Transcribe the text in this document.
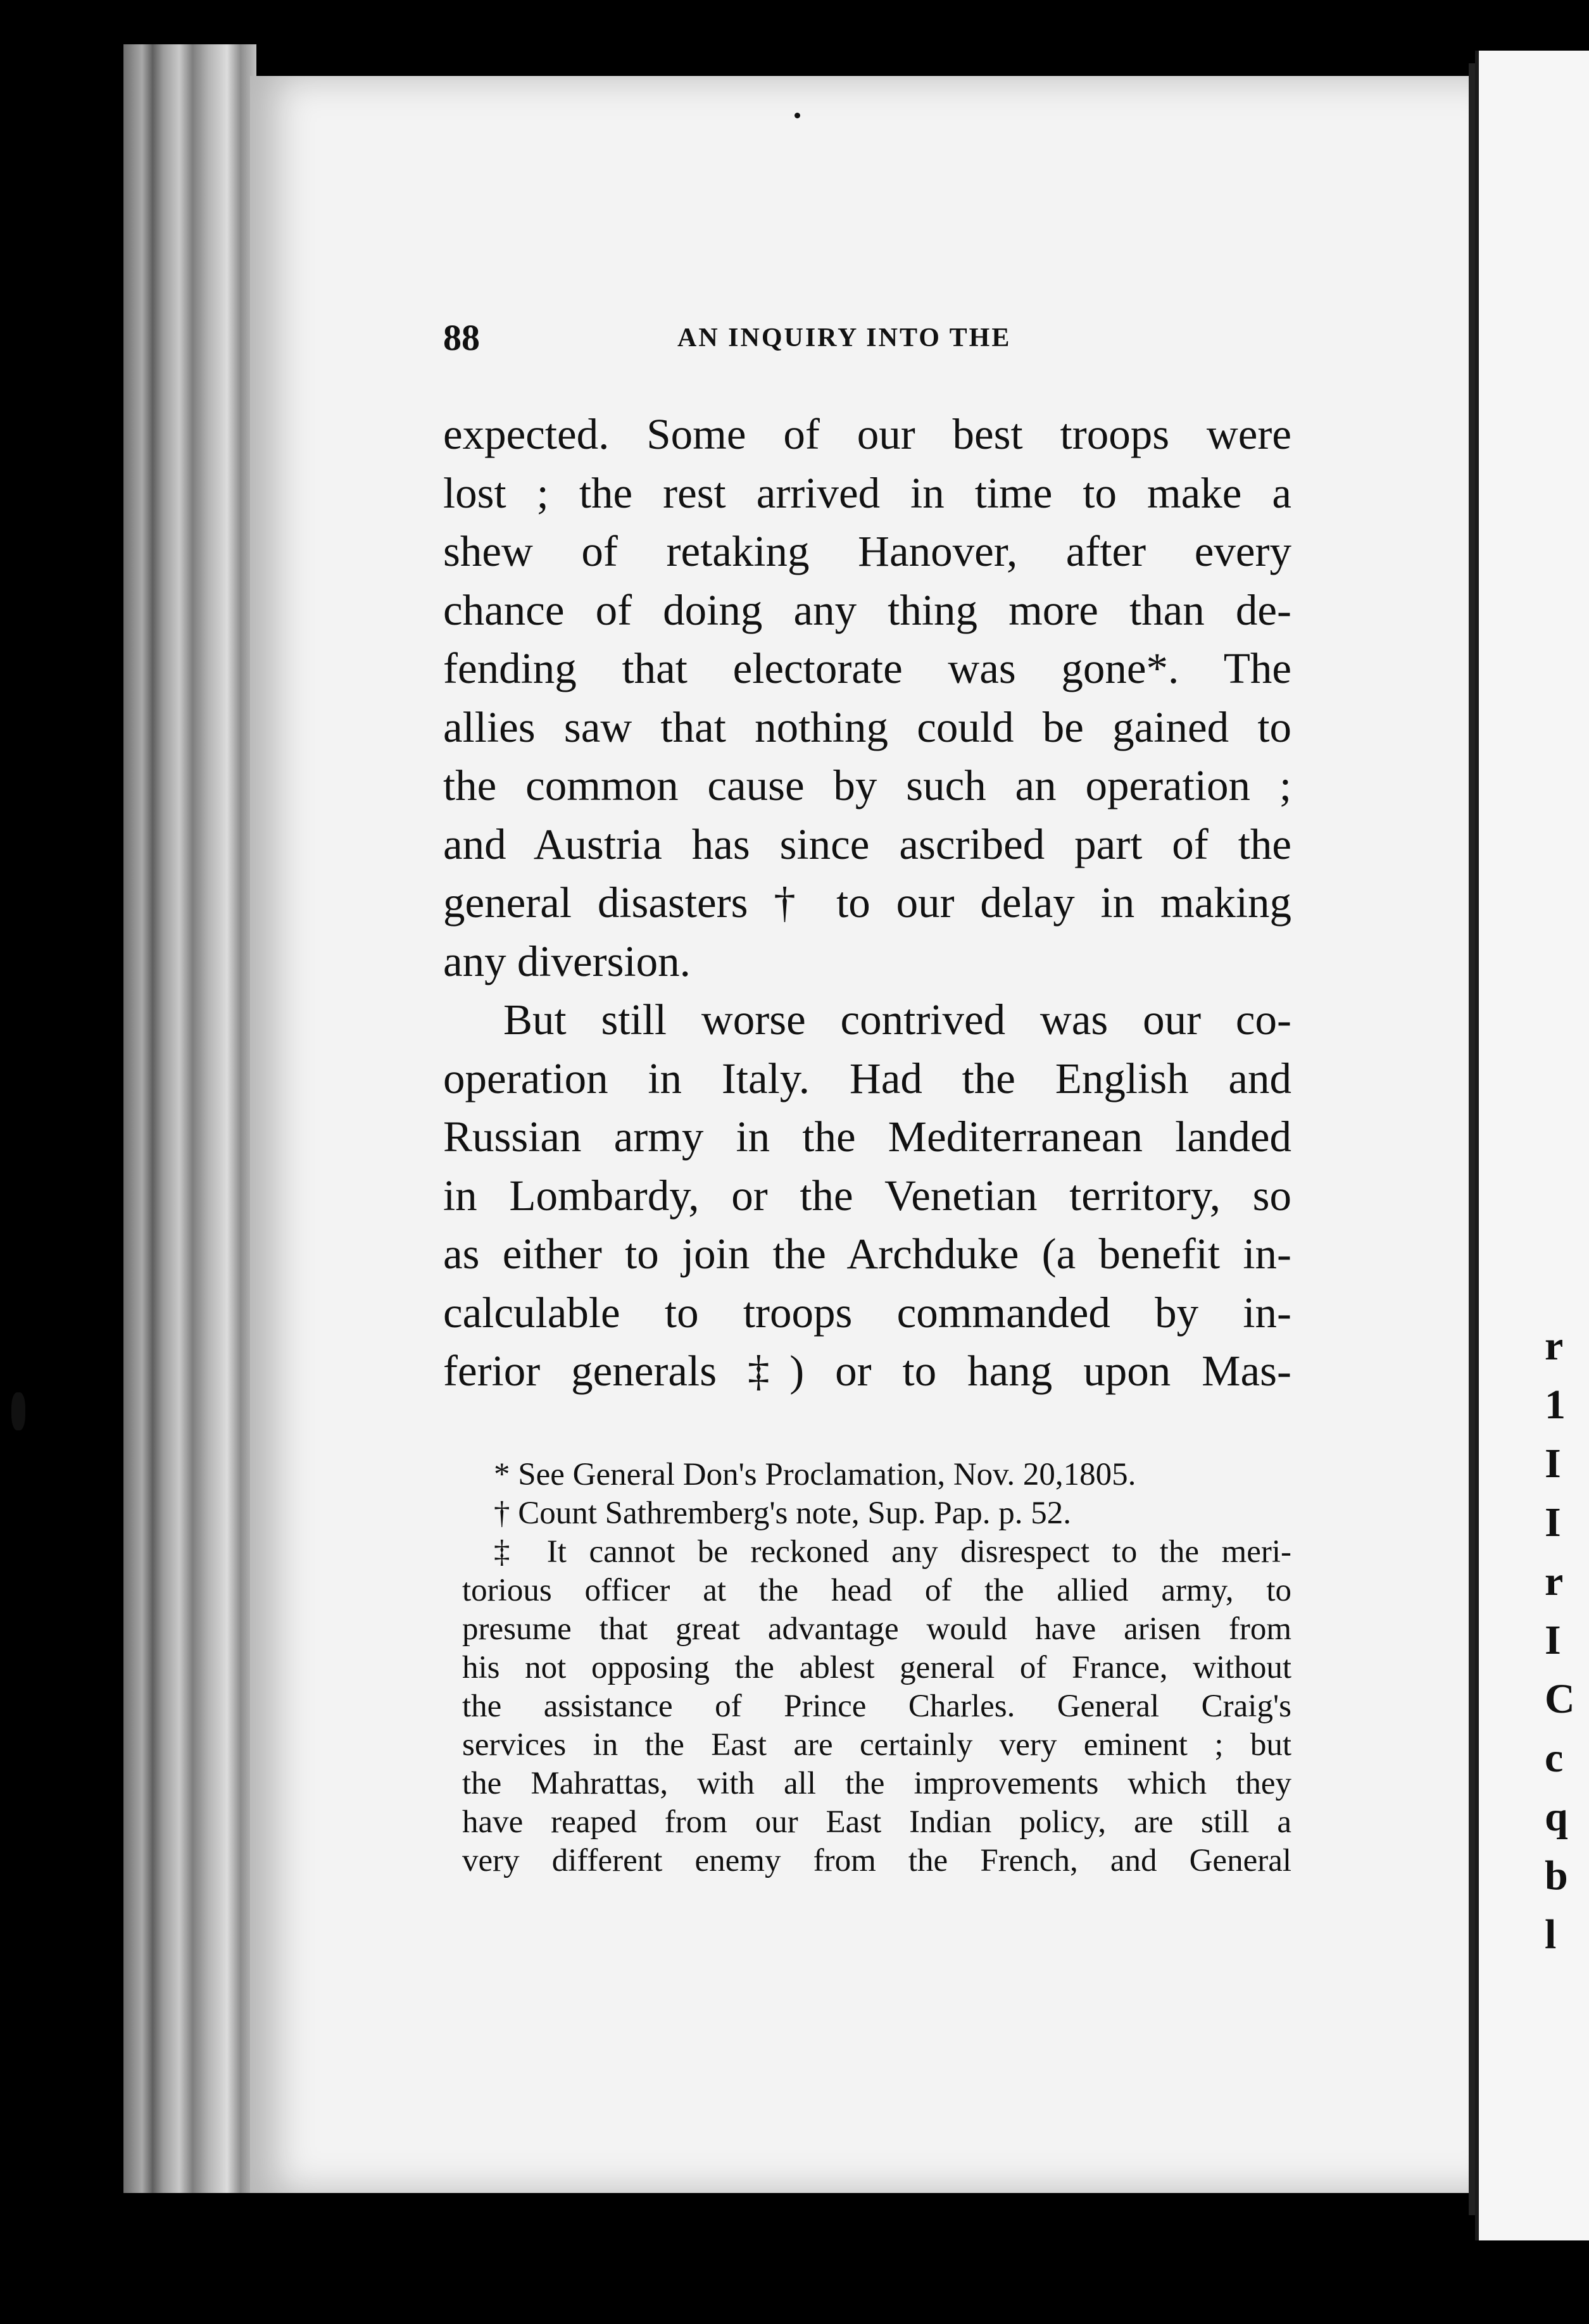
88	AN INQUIRY INTO THE
expected. Some of our best troops were
lost ; the rest arrived in time to make a
shew of retaking Hanover, after every
chance of doing any thing more than de-
fending that electorate was gone*. The
allies saw that nothing could be gained to
the common cause by such an operation ;
and Austria has since ascribed part of the
general disasters † to our delay in making
any diversion.
But still worse contrived was our co-
operation in Italy. Had the English and
Russian army in the Mediterranean landed
in Lombardy, or the Venetian territory, so
as either to join the Archduke (a benefit in-
calculable to troops commanded by in-
ferior generals ‡) or to hang upon Mas-
* See General Don's Proclamation, Nov. 20,1805.
† Count Sathremberg's note, Sup. Pap. p. 52.
‡ It cannot be reckoned any disrespect to the meri-
torious officer at the head of the allied army, to
presume that great advantage would have arisen from
his not opposing the ablest general of France, without
the assistance of Prince Charles. General Craig's
services in the East are certainly very eminent ; but
the Mahrattas, with all the improvements which they
have reaped from our East Indian policy, are still a
very different enemy from the French, and General
r
1
I
I
r
I
C
c
q
b
l
